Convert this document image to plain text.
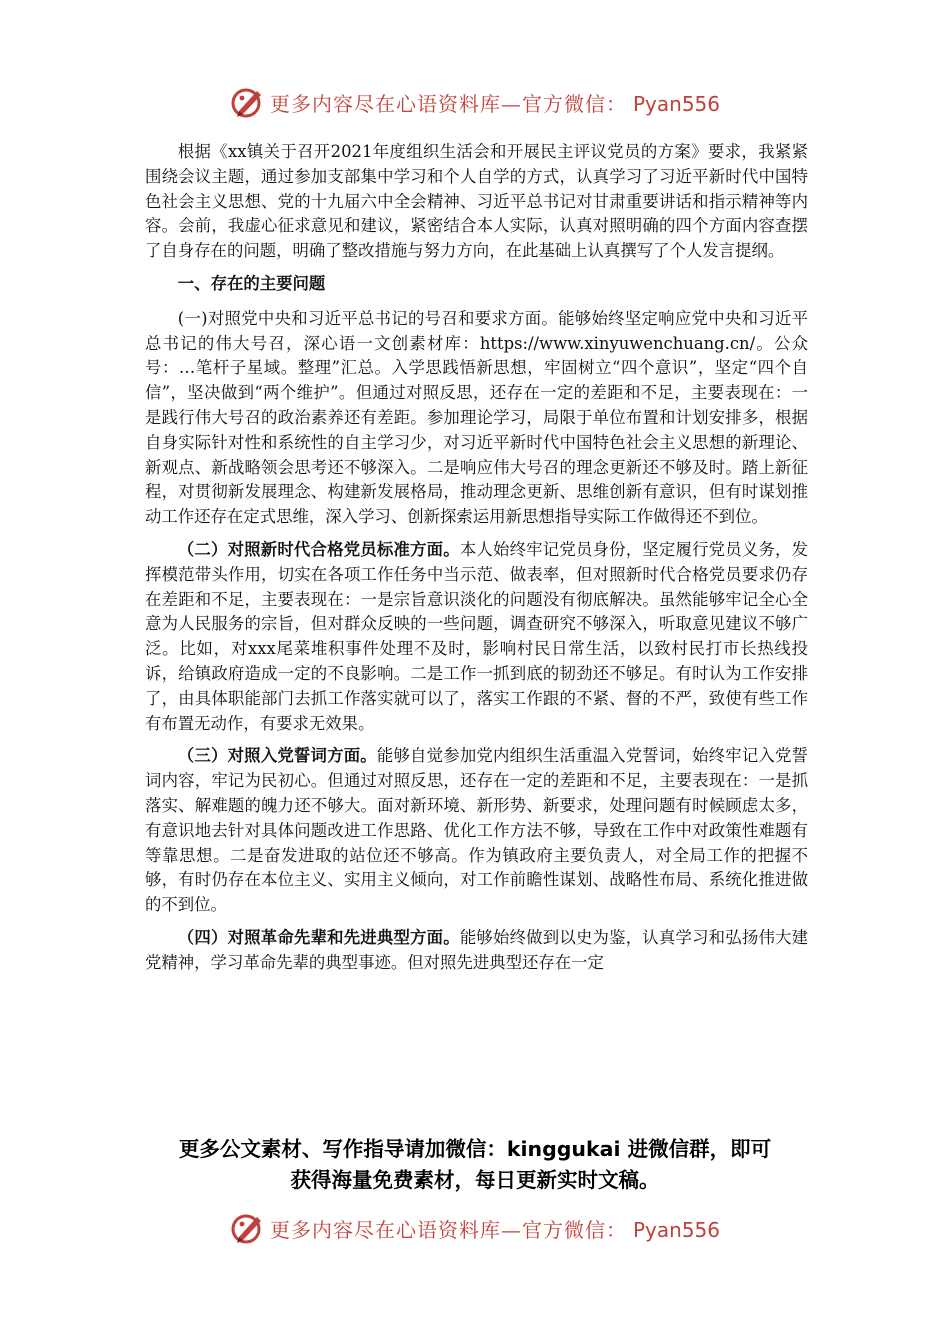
更多内容尽在心语资料库—官方微信： Pyan556

根据《xx镇关于召开2021年度组织生活会和开展民主评议党员的方案》要求，我紧紧围绕会议主题，通过参加支部集中学习和个人自学的方式，认真学习了习近平新时代中国特色社会主义思想、党的十九届六中全会精神、习近平总书记对甘肃重要讲话和指示精神等内容。会前，我虚心征求意见和建议，紧密结合本人实际，认真对照明确的四个方面内容查摆了自身存在的问题，明确了整改措施与努力方向，在此基础上认真撰写了个人发言提纲。

一、存在的主要问题

(一)对照党中央和习近平总书记的号召和要求方面。能够始终坚定响应党中央和习近平总书记的伟大号召，深心语一文创素材库：https://www.xinyuwenchuang.cn/。公众号：…笔杆子星域。整理”汇总。入学思践悟新思想，牢固树立“四个意识”，坚定“四个自信”，坚决做到“两个维护”。但通过对照反思，还存在一定的差距和不足，主要表现在：一是践行伟大号召的政治素养还有差距。参加理论学习，局限于单位布置和计划安排多，根据自身实际针对性和系统性的自主学习少，对习近平新时代中国特色社会主义思想的新理论、新观点、新战略领会思考还不够深入。二是响应伟大号召的理念更新还不够及时。踏上新征程，对贯彻新发展理念、构建新发展格局，推动理念更新、思维创新有意识，但有时谋划推动工作还存在定式思维，深入学习、创新探索运用新思想指导实际工作做得还不到位。

（二）对照新时代合格党员标准方面。本人始终牢记党员身份，坚定履行党员义务，发挥模范带头作用，切实在各项工作任务中当示范、做表率，但对照新时代合格党员要求仍存在差距和不足，主要表现在：一是宗旨意识淡化的问题没有彻底解决。虽然能够牢记全心全意为人民服务的宗旨，但对群众反映的一些问题，调查研究不够深入，听取意见建议不够广泛。比如，对xxx尾菜堆积事件处理不及时，影响村民日常生活，以致村民打市长热线投诉，给镇政府造成一定的不良影响。二是工作一抓到底的韧劲还不够足。有时认为工作安排了，由具体职能部门去抓工作落实就可以了，落实工作跟的不紧、督的不严，致使有些工作有布置无动作，有要求无效果。

（三）对照入党誓词方面。能够自觉参加党内组织生活重温入党誓词，始终牢记入党誓词内容，牢记为民初心。但通过对照反思，还存在一定的差距和不足，主要表现在：一是抓落实、解难题的魄力还不够大。面对新环境、新形势、新要求，处理问题有时候顾虑太多，有意识地去针对具体问题改进工作思路、优化工作方法不够，导致在工作中对政策性难题有等靠思想。二是奋发进取的站位还不够高。作为镇政府主要负责人，对全局工作的把握不够，有时仍存在本位主义、实用主义倾向，对工作前瞻性谋划、战略性布局、系统化推进做的不到位。

（四）对照革命先辈和先进典型方面。能够始终做到以史为鉴，认真学习和弘扬伟大建党精神，学习革命先辈的典型事迹。但对照先进典型还存在一定

更多公文素材、写作指导请加微信：kinggukai 进微信群，即可
获得海量免费素材，每日更新实时文稿。
更多内容尽在心语资料库—官方微信： Pyan556
